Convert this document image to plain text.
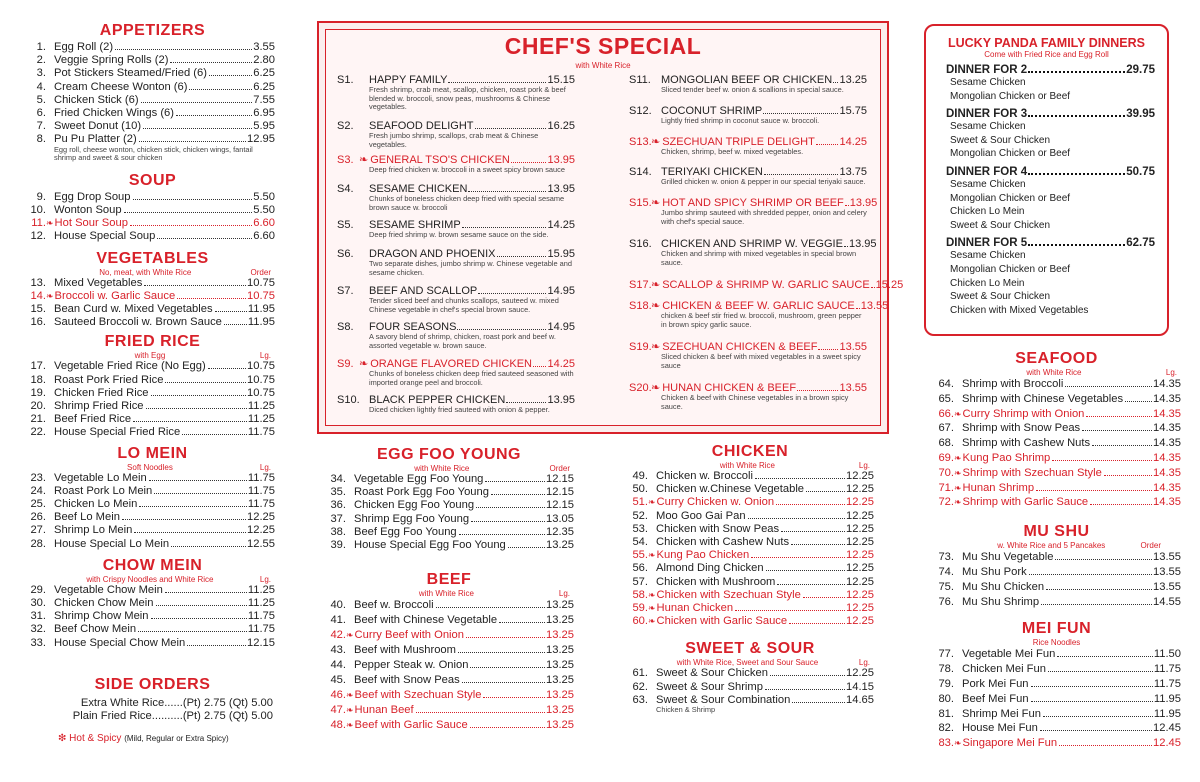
APPETIZERS
1. Egg Roll (2)	3.55
2. Veggie Spring Rolls (2)	2.80
3. Pot Stickers Steamed/Fried (6)	6.25
4. Cream Cheese Wonton (6)	6.25
5. Chicken Stick (6)	7.55
6. Fried Chicken Wings (6)	6.95
7. Sweet Donut (10)	5.95
8. Pu Pu Platter (2)	12.95
Egg roll, cheese wonton, chicken stick, chicken wings, fantail shrimp and sweet & sour chicken
SOUP
9. Egg Drop Soup	5.50
10. Wonton Soup	5.50
11. ❧ Hot Sour Soup	6.60
12. House Special Soup	6.60
VEGETABLES
No, meat, with White Rice	Order
13. Mixed Vegetables	10.75
14. ❧ Broccoli w. Garlic Sauce	10.75
15. Bean Curd w. Mixed Vegetables	11.95
16. Sauteed Broccoli w. Brown Sauce 11.95
FRIED RICE
with Egg	Lg.
17. Vegetable Fried Rice (No Egg)	10.75
18. Roast Pork Fried Rice	10.75
19. Chicken Fried Rice	10.75
20. Shrimp Fried Rice	11.25
21. Beef Fried Rice	11.25
22. House Special Fried Rice	11.75
LO MEIN
Soft Noodles	Lg.
23. Vegetable Lo Mein	11.75
24. Roast Pork Lo Mein	11.75
25. Chicken Lo Mein	11.75
26. Beef Lo Mein	12.25
27. Shrimp Lo Mein	12.25
28. House Special Lo Mein	12.55
CHOW MEIN
with Crispy Noodles and White Rice	Lg.
29. Vegetable Chow Mein	11.25
30. Chicken Chow Mein	11.25
31. Shrimp Chow Mein	11.75
32. Beef Chow Mein	11.75
33. House Special Chow Mein	12.15
SIDE ORDERS
Extra White Rice......(Pt) 2.75 (Qt) 5.00
Plain Fried Rice..........(Pt) 2.75 (Qt) 5.00
❇ Hot & Spicy (Mild, Regular or Extra Spicy)
CHEF'S SPECIAL
with White Rice
S1.	HAPPY FAMILY	15.15
Fresh shrimp, crab meat, scallop, chicken, roast pork & beef blended w. broccoli, snow peas, mushrooms & Chinese vegetables.
S2.	SEAFOOD DELIGHT	16.25
Fresh jumbo shrimp, scallops, crab meat & Chinese vegetables.
S3. ❧ GENERAL TSO'S CHICKEN	13.95
Deep fried chicken w. broccoli in a sweet spicy brown sauce
S4.	SESAME CHICKEN	13.95
Chunks of boneless chicken deep fried with special sesame brown sauce w. broccoli
S5.	SESAME SHRIMP	14.25
Deep fried shrimp w. brown sesame sauce on the side.
S6.	DRAGON AND PHOENIX	15.95
Two separate dishes, jumbo shrimp w. Chinese vegetable and sesame chicken.
S7.	BEEF AND SCALLOP	14.95
Tender sliced beef and chunks scallops, sauteed w. mixed Chinese vegetable in chef's special brown sauce.
S8.	FOUR SEASONS	14.95
A savory blend of shrimp, chicken, roast pork and beef w. assorted vegetable w. brown sauce.
S9. ❧ ORANGE FLAVORED CHICKEN 14.25
Chunks of boneless chicken deep fried sauteed seasoned with imported orange peel and broccoli.
S10. BLACK PEPPER CHICKEN	13.95
Diced chicken lightly fried sauteed with onion & pepper.
S11. MONGOLIAN BEEF OR CHICKEN 13.25
Sliced tender beef w. onion & scallions in special sauce.
S12. COCONUT SHRIMP	15.75
Lightly fried shrimp in coconut sauce w. broccoli.
S13. ❧ SZECHUAN TRIPLE DELIGHT 14.25
Chicken, shrimp, beef w. mixed vegetables.
S14. TERIYAKI CHICKEN	13.75
Grilled chicken w. onion & pepper in our special teriyaki sauce.
S15. ❧ HOT AND SPICY SHRIMP OR BEEF 13.95
Jumbo shrimp sauteed with shredded pepper, onion and celery with chef's special sauce.
S16. CHICKEN AND SHRIMP W. VEGGIE 13.95
Chicken and shrimp with mixed vegetables in special brown sauce.
S17. ❧ SCALLOP & SHRIMP W. GARLIC SAUCE 15.25
S18. ❧ CHICKEN & BEEF W. GARLIC SAUCE 13.55
chicken & beef stir fried w. broccoli, mushroom, green pepper in brown spicy garlic sauce.
S19. ❧ SZECHUAN CHICKEN & BEEF 13.55
Sliced chicken & beef with mixed vegetables in a sweet spicy sauce
S20. ❧ HUNAN CHICKEN & BEEF	13.55
Chicken & beef with Chinese vegetables in a brown spicy sauce.
EGG FOO YOUNG
with White Rice	Order
34. Vegetable Egg Foo Young	12.15
35. Roast Pork Egg Foo Young	12.15
36. Chicken Egg Foo Young	12.15
37. Shrimp Egg Foo Young	13.05
38. Beef Egg Foo Young	12.35
39. House Special Egg Foo Young	13.25
BEEF
with White Rice	Lg.
40. Beef w. Broccoli	13.25
41. Beef with Chinese Vegetable	13.25
42. ❧ Curry Beef with Onion	13.25
43. Beef with Mushroom	13.25
44. Pepper Steak w. Onion	13.25
45. Beef with Snow Peas	13.25
46. ❧ Beef with Szechuan Style	13.25
47. ❧ Hunan Beef	13.25
48. ❧ Beef with Garlic Sauce	13.25
CHICKEN
with White Rice	Lg.
49. Chicken w. Broccoli	12.25
50. Chicken w.Chinese Vegetable	12.25
51. ❧ Curry Chicken w. Onion	12.25
52. Moo Goo Gai Pan	12.25
53. Chicken with Snow Peas	12.25
54. Chicken with Cashew Nuts	12.25
55. ❧ Kung Pao Chicken	12.25
56. Almond Ding Chicken	12.25
57. Chicken with Mushroom	12.25
58. ❧ Chicken with Szechuan Style	12.25
59. ❧ Hunan Chicken	12.25
60. ❧ Chicken with Garlic Sauce	12.25
SWEET & SOUR
with White Rice, Sweet and Sour Sauce	Lg.
61. Sweet & Sour Chicken	12.25
62. Sweet & Sour Shrimp	14.15
63. Sweet & Sour Combination	14.65
Chicken & Shrimp
LUCKY PANDA FAMILY DINNERS
Come with Fried Rice and Egg Roll
DINNER FOR 2	29.75
Sesame Chicken
Mongolian Chicken or Beef
DINNER FOR 3	39.95
Sesame Chicken
Sweet & Sour Chicken
Mongolian Chicken or Beef
DINNER FOR 4	50.75
Sesame Chicken
Mongolian Chicken or Beef
Chicken Lo Mein
Sweet & Sour Chicken
DINNER FOR 5	62.75
Sesame Chicken
Mongolian Chicken or Beef
Chicken Lo Mein
Sweet & Sour Chicken
Chicken with Mixed Vegetables
SEAFOOD
with White Rice	Lg.
64. Shrimp with Broccoli	14.35
65. Shrimp with Chinese Vegetables	14.35
66. ❧ Curry Shrimp with Onion	14.35
67. Shrimp with Snow Peas	14.35
68. Shrimp with Cashew Nuts	14.35
69. ❧ Kung Pao Shrimp	14.35
70. ❧ Shrimp with Szechuan Style	14.35
71. ❧ Hunan Shrimp	14.35
72. ❧ Shrimp with Garlic Sauce	14.35
MU SHU
w. White Rice and 5 Pancakes	Order
73. Mu Shu Vegetable	13.55
74. Mu Shu Pork	13.55
75. Mu Shu Chicken	13.55
76. Mu Shu Shrimp	14.55
MEI FUN
Rice Noodles
77. Vegetable Mei Fun	11.50
78. Chicken Mei Fun	11.75
79. Pork Mei Fun	11.75
80. Beef Mei Fun	11.95
81. Shrimp Mei Fun	11.95
82. House Mei Fun	12.45
83. ❧ Singapore Mei Fun	12.45
